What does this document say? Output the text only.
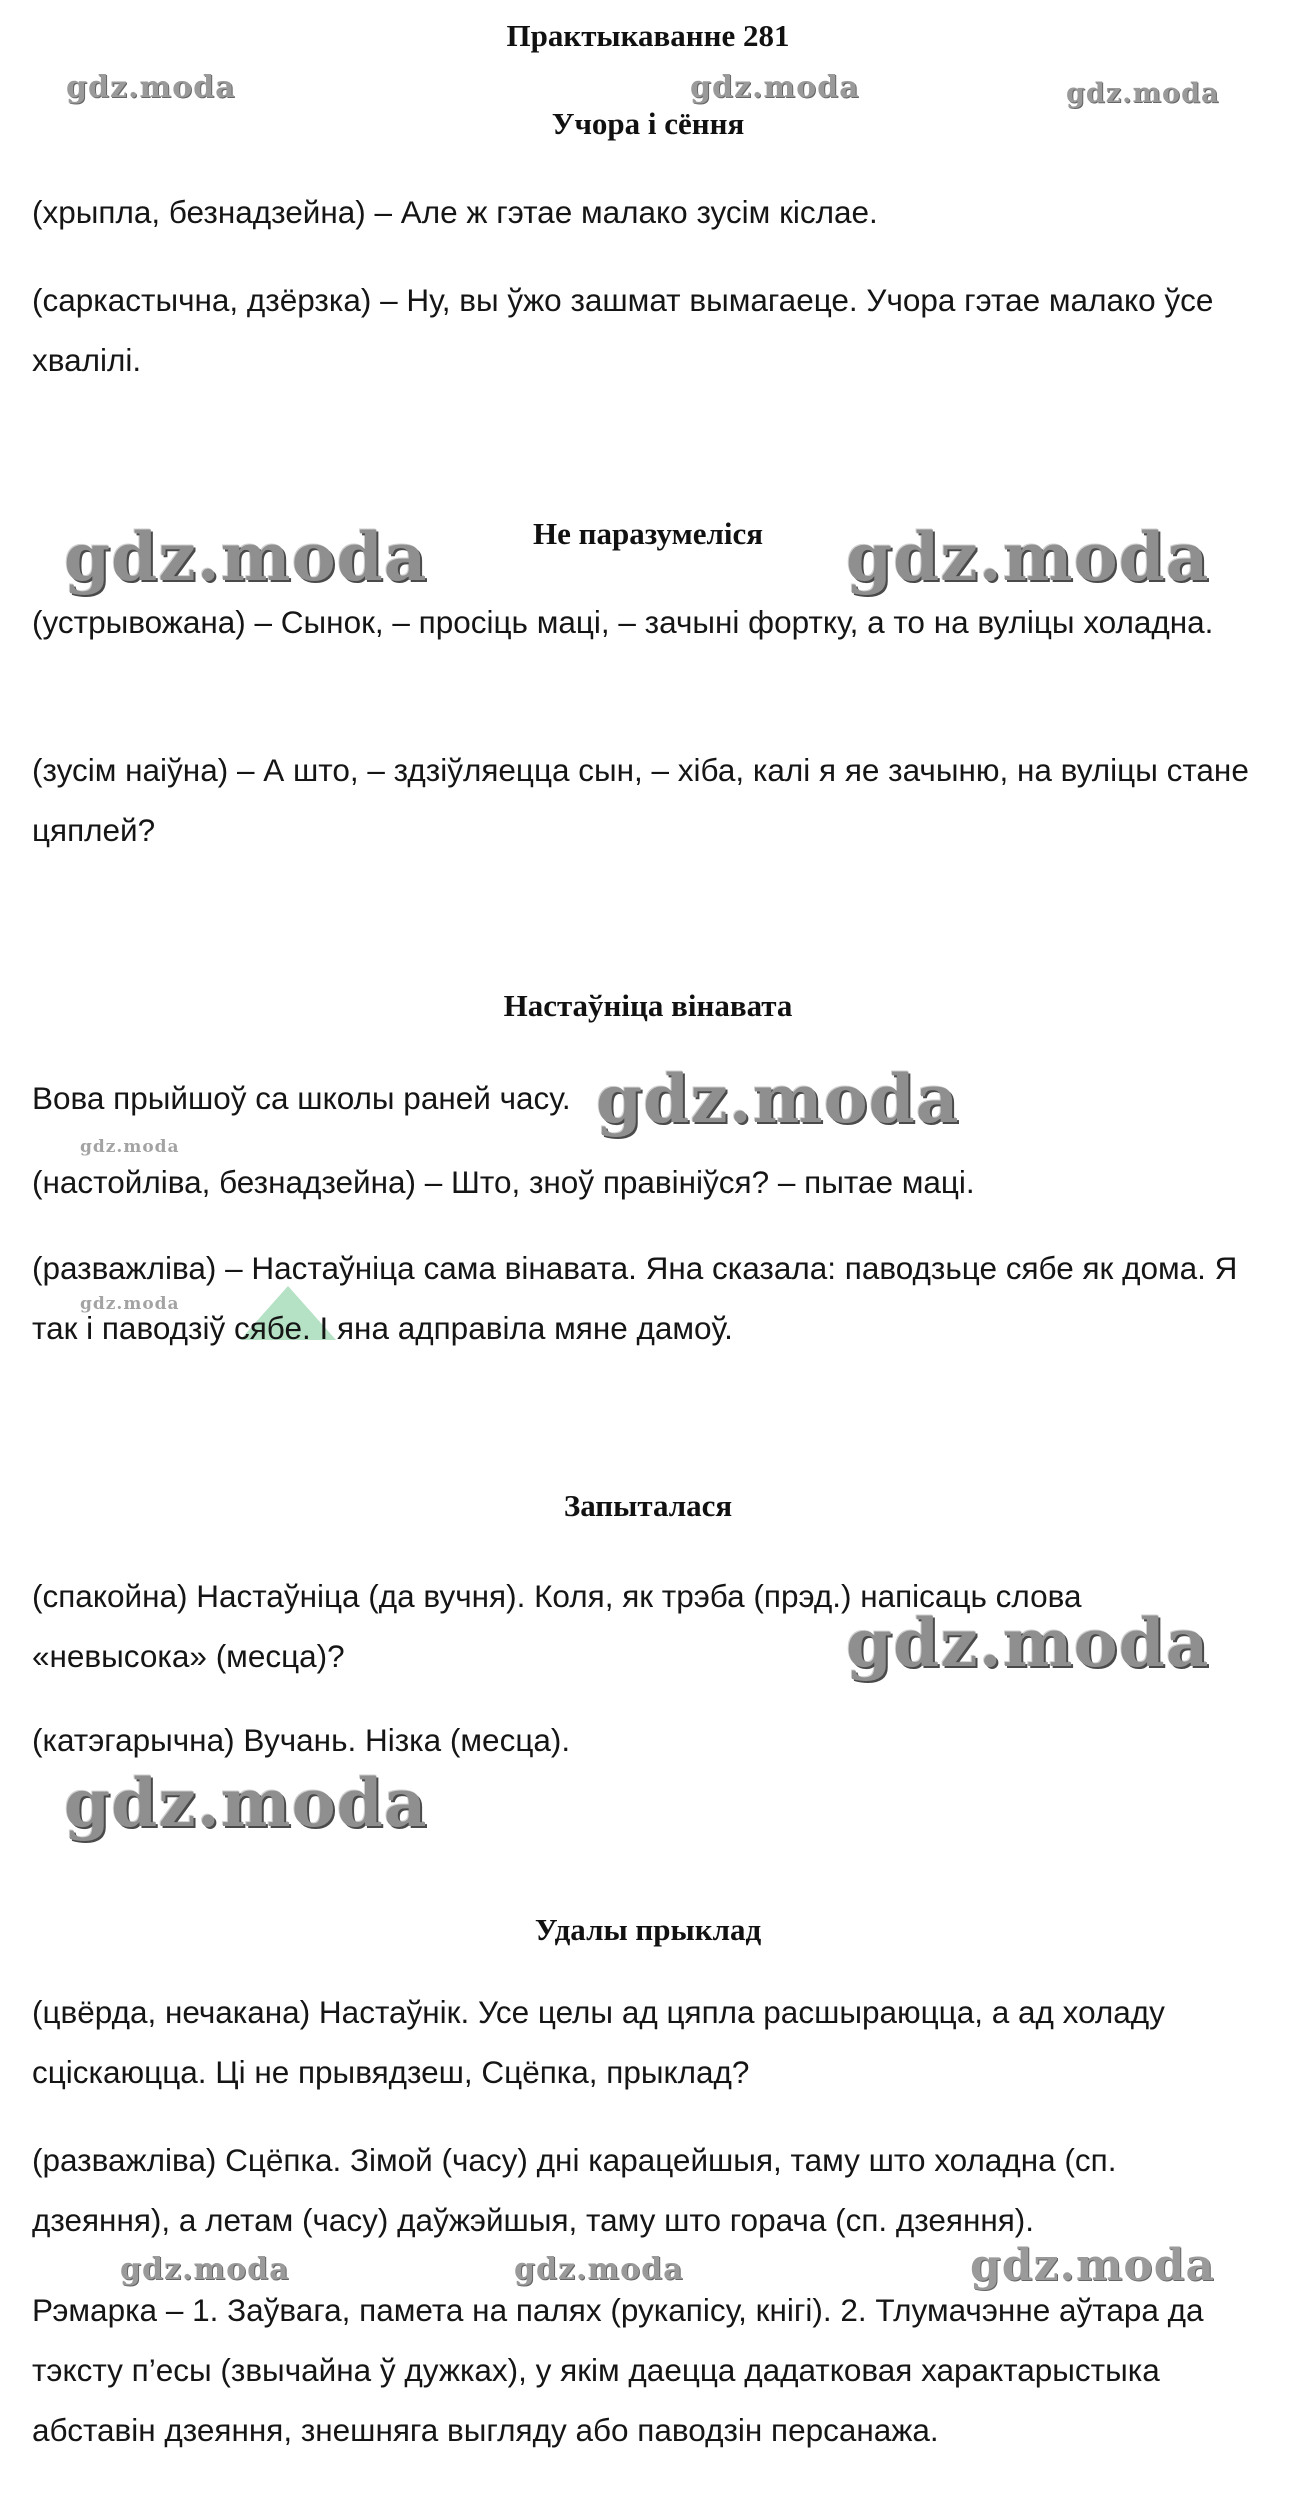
gdz.moda	gdz.moda	gdz.moda
gdz.moda	gdz.moda
gdz.moda
gdz.moda
gdz.moda
gdz.moda
gdz.moda
gdz.moda	gdz.moda	gdz.moda
Практыкаванне 281
Учора і сёння

(хрыпла, безнадзейна) – Але ж гэтае малако зусім кіслае.

(саркастычна, дзёрзка) – Ну, вы ўжо зашмат вымагаеце. Учора гэтае малако ўсе хвалілі.

Не паразумеліся

(устрывожана) – Сынок, – просіць маці, – зачыні фортку, а то на вуліцы холадна.

(зусім наіўна) – А што, – здзіўляецца сын, – хіба, калі я яе зачыню, на вуліцы стане цяплей?

Настаўніца вінавата

Вова прыйшоў са школы раней часу.

(настойліва, безнадзейна) – Што, зноў правініўся? – пытае маці.

(разважліва) – Настаўніца сама вінавата. Яна сказала: паводзьце сябе як дома. Я так і паводзіў сябе. І яна адправіла мяне дамоў.

Запыталася

(спакойна) Настаўніца (да вучня). Коля, як трэба (прэд.) напісаць слова «невысока» (месца)?

(катэгарычна) Вучань. Нізка (месца).

Удалы прыклад

(цвёрда, нечакана) Настаўнік. Усе целы ад цяпла расшыраюцца, а ад холаду сціскаюцца. Ці не прывядзеш, Сцёпка, прыклад?

(разважліва) Сцёпка. Зімой (часу) дні карацейшыя, таму што холадна (сп. дзеяння), а летам (часу) даўжэйшыя, таму што горача (сп. дзеяння).

Рэмарка – 1. Заўвага, памета на палях (рукапісу, кнігі). 2. Тлумачэнне аўтара да тэксту п’есы (звычайна ў дужках), у якім даецца дадатковая характарыстыка абставін дзеяння, знешняга выгляду або паводзін персанажа.
